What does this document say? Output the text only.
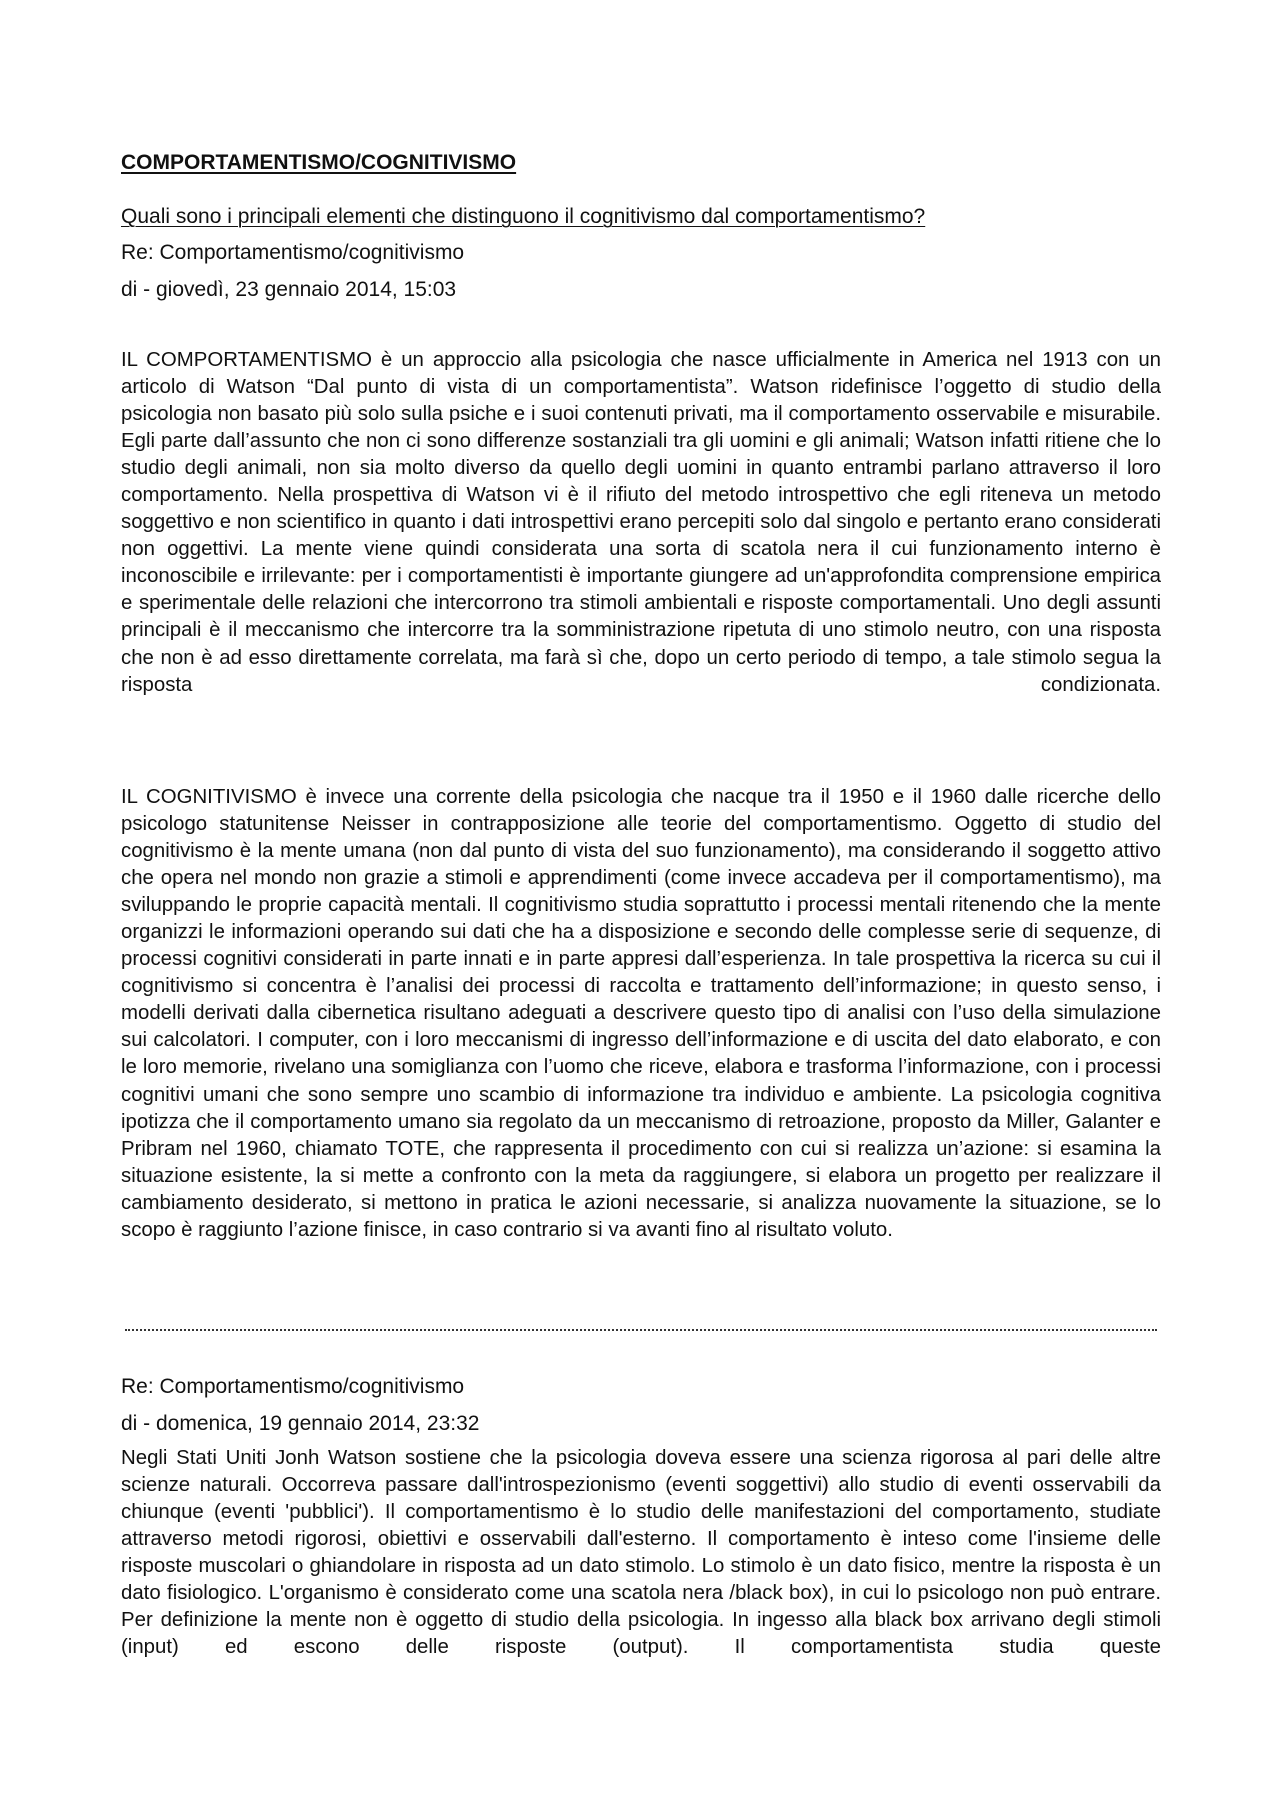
COMPORTAMENTISMO/COGNITIVISMO
Quali sono i principali elementi che distinguono il cognitivismo dal comportamentismo?
Re: Comportamentismo/cognitivismo
di - giovedì, 23 gennaio 2014, 15:03

IL COMPORTAMENTISMO è un approccio alla psicologia che nasce ufficialmente in America nel 1913 con un articolo di Watson “Dal punto di vista di un comportamentista”. Watson ridefinisce l’oggetto di studio della psicologia non basato più solo sulla psiche e i suoi contenuti privati, ma il comportamento osservabile e misurabile. Egli parte dall’assunto che non ci sono differenze sostanziali tra gli uomini e gli animali; Watson infatti ritiene che lo studio degli animali, non sia molto diverso da quello degli uomini in quanto entrambi parlano attraverso il loro comportamento. Nella prospettiva di Watson vi è il rifiuto del metodo introspettivo che egli riteneva un metodo soggettivo e non scientifico in quanto i dati introspettivi erano percepiti solo dal singolo e pertanto erano considerati non oggettivi. La mente viene quindi considerata una sorta di scatola nera il cui funzionamento interno è inconoscibile e irrilevante: per i comportamentisti è importante giungere ad un'approfondita comprensione empirica e sperimentale delle relazioni che intercorrono tra stimoli ambientali e risposte comportamentali. Uno degli assunti principali è il meccanismo che intercorre tra la somministrazione ripetuta di uno stimolo neutro, con una risposta che non è ad esso direttamente correlata, ma farà sì che, dopo un certo periodo di tempo, a tale stimolo segua la risposta condizionata.

IL COGNITIVISMO è invece una corrente della psicologia che nacque tra il 1950 e il 1960 dalle ricerche dello psicologo statunitense Neisser in contrapposizione alle teorie del comportamentismo. Oggetto di studio del cognitivismo è la mente umana (non dal punto di vista del suo funzionamento), ma considerando il soggetto attivo che opera nel mondo non grazie a stimoli e apprendimenti (come invece accadeva per il comportamentismo), ma sviluppando le proprie capacità mentali. Il cognitivismo studia soprattutto i processi mentali ritenendo che la mente organizzi le informazioni operando sui dati che ha a disposizione e secondo delle complesse serie di sequenze, di processi cognitivi considerati in parte innati e in parte appresi dall’esperienza. In tale prospettiva la ricerca su cui il cognitivismo si concentra è l’analisi dei processi di raccolta e trattamento dell’informazione; in questo senso, i modelli derivati dalla cibernetica risultano adeguati a descrivere questo tipo di analisi con l’uso della simulazione sui calcolatori. I computer, con i loro meccanismi di ingresso dell’informazione e di uscita del dato elaborato, e con le loro memorie, rivelano una somiglianza con l’uomo che riceve, elabora e trasforma l’informazione, con i processi cognitivi umani che sono sempre uno scambio di informazione tra individuo e ambiente. La psicologia cognitiva ipotizza che il comportamento umano sia regolato da un meccanismo di retroazione, proposto da Miller, Galanter e Pribram nel 1960, chiamato TOTE, che rappresenta il procedimento con cui si realizza un’azione: si esamina la situazione esistente, la si mette a confronto con la meta da raggiungere, si elabora un progetto per realizzare il cambiamento desiderato, si mettono in pratica le azioni necessarie, si analizza nuovamente la situazione, se lo scopo è raggiunto l’azione finisce, in caso contrario si va avanti fino al risultato voluto.

Re: Comportamentismo/cognitivismo
di - domenica, 19 gennaio 2014, 23:32

Negli Stati Uniti Jonh Watson sostiene che la psicologia doveva essere una scienza rigorosa al pari delle altre scienze naturali. Occorreva passare dall'introspezionismo (eventi soggettivi) allo studio di eventi osservabili da chiunque (eventi 'pubblici'). Il comportamentismo è lo studio delle manifestazioni del comportamento, studiate attraverso metodi rigorosi, obiettivi e osservabili dall'esterno. Il comportamento è inteso come l'insieme delle risposte muscolari o ghiandolare in risposta ad un dato stimolo. Lo stimolo è un dato fisico, mentre la risposta è un dato fisiologico. L'organismo è considerato come una scatola nera /black box), in cui lo psicologo non può entrare. Per definizione la mente non è oggetto di studio della psicologia. In ingesso alla black box arrivano degli stimoli (input) ed escono delle risposte (output). Il comportamentista studia queste
